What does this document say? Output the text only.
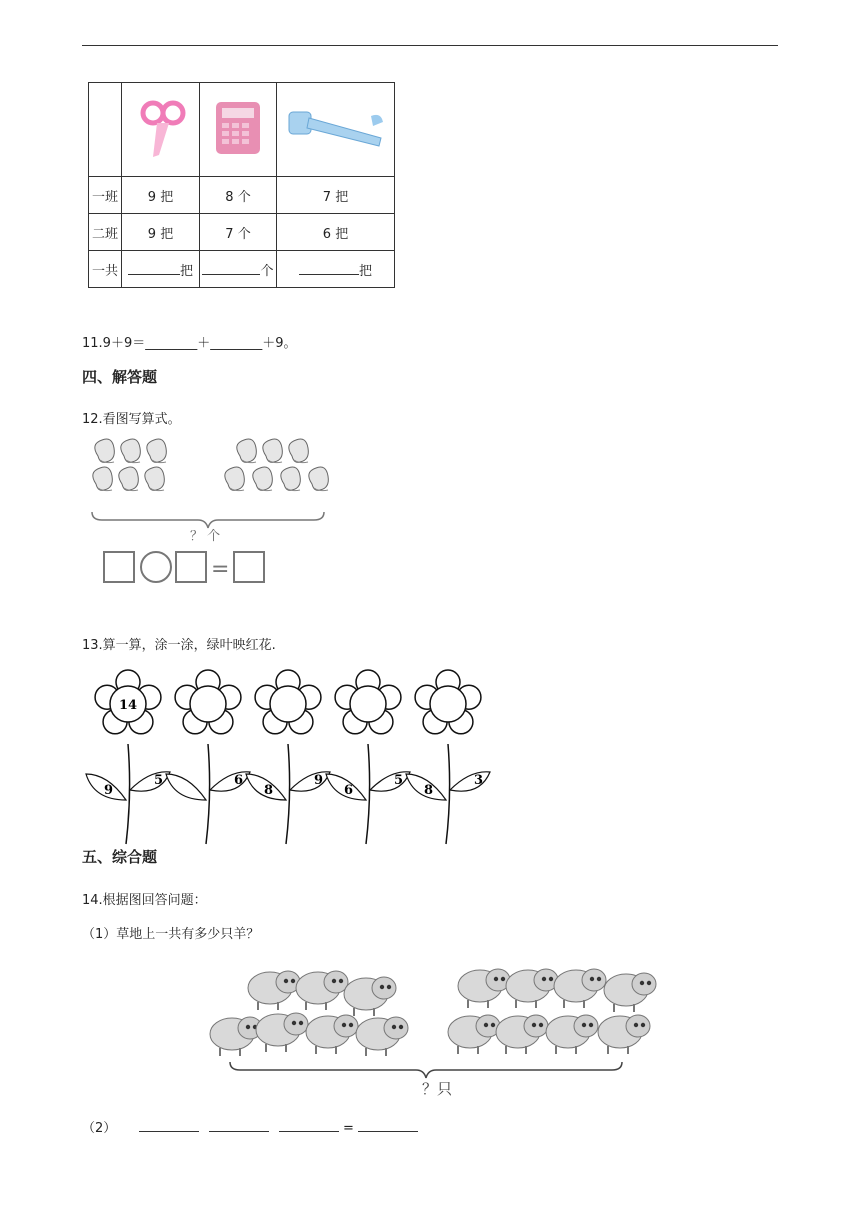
一班	9 把	8 个	7 把
二班	9 把	7 个	6 把
一共	把	个	把
11.9＋9＝________＋________＋9。
四、解答题
12.看图写算式。
？ 个
=
13.算一算，涂一涂，绿叶映红花.
14
9
5	6
8
9
6
5
8
3
五、综合题
14.根据图回答问题：
（1）草地上一共有多少只羊？
？只
（2）	=
